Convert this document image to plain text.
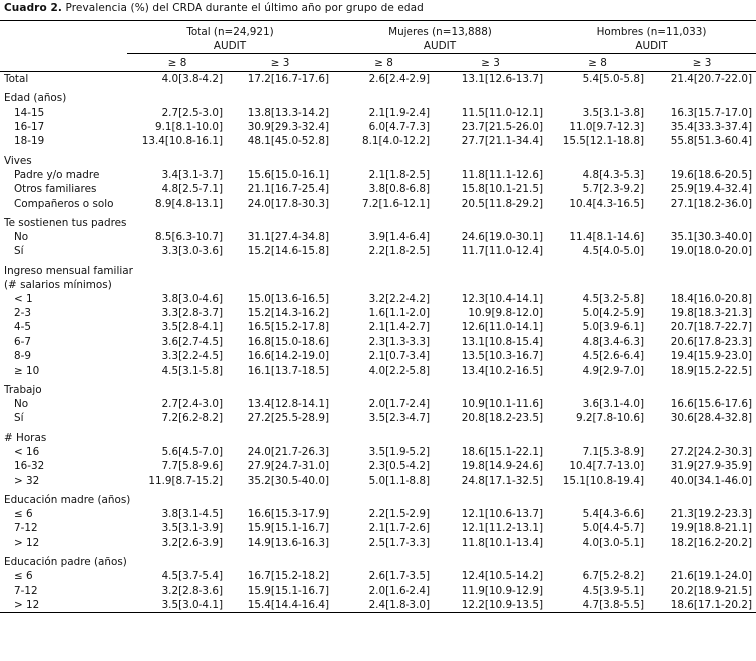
Cuadro 2. Prevalencia (%) del CRDA durante el último año por grupo de edad

	Total (n=24,921)		Mujeres (n=13,888)		Hombres (n=11,033)	
	AUDIT		AUDIT		AUDIT	
	≥ 8	≥ 3	≥ 8	≥ 3	≥ 8	≥ 3
Total	4.0[3.8-4.2]	17.2[16.7-17.6]	2.6[2.4-2.9]	13.1[12.6-13.7]	5.4[5.0-5.8]	21.4[20.7-22.0]

Edad (años)						
14-15	2.7[2.5-3.0]	13.8[13.3-14.2]	2.1[1.9-2.4]	11.5[11.0-12.1]	3.5[3.1-3.8]	16.3[15.7-17.0]
16-17	9.1[8.1-10.0]	30.9[29.3-32.4]	6.0[4.7-7.3]	23.7[21.5-26.0]	11.0[9.7-12.3]	35.4[33.3-37.4]
18-19	13.4[10.8-16.1]	48.1[45.0-52.8]	8.1[4.0-12.2]	27.7[21.1-34.4]	15.5[12.1-18.8]	55.8[51.3-60.4]

Vives						
Padre y/o madre	3.4[3.1-3.7]	15.6[15.0-16.1]	2.1[1.8-2.5]	11.8[11.1-12.6]	4.8[4.3-5.3]	19.6[18.6-20.5]
Otros familiares	4.8[2.5-7.1]	21.1[16.7-25.4]	3.8[0.8-6.8]	15.8[10.1-21.5]	5.7[2.3-9.2]	25.9[19.4-32.4]
Compañeros o solo	8.9[4.8-13.1]	24.0[17.8-30.3]	7.2[1.6-12.1]	20.5[11.8-29.2]	10.4[4.3-16.5]	27.1[18.2-36.0]

Te sostienen tus padres						
No	8.5[6.3-10.7]	31.1[27.4-34.8]	3.9[1.4-6.4]	24.6[19.0-30.1]	11.4[8.1-14.6]	35.1[30.3-40.0]
Sí	3.3[3.0-3.6]	15.2[14.6-15.8]	2.2[1.8-2.5]	11.7[11.0-12.4]	4.5[4.0-5.0]	19.0[18.0-20.0]

Ingreso mensual familiar						
(# salarios mínimos)						
< 1	3.8[3.0-4.6]	15.0[13.6-16.5]	3.2[2.2-4.2]	12.3[10.4-14.1]	4.5[3.2-5.8]	18.4[16.0-20.8]
2-3	3.3[2.8-3.7]	15.2[14.3-16.2]	1.6[1.1-2.0]	10.9[9.8-12.0]	5.0[4.2-5.9]	19.8[18.3-21.3]
4-5	3.5[2.8-4.1]	16.5[15.2-17.8]	2.1[1.4-2.7]	12.6[11.0-14.1]	5.0[3.9-6.1]	20.7[18.7-22.7]
6-7	3.6[2.7-4.5]	16.8[15.0-18.6]	2.3[1.3-3.3]	13.1[10.8-15.4]	4.8[3.4-6.3]	20.6[17.8-23.3]
8-9	3.3[2.2-4.5]	16.6[14.2-19.0]	2.1[0.7-3.4]	13.5[10.3-16.7]	4.5[2.6-6.4]	19.4[15.9-23.0]
≥ 10	4.5[3.1-5.8]	16.1[13.7-18.5]	4.0[2.2-5.8]	13.4[10.2-16.5]	4.9[2.9-7.0]	18.9[15.2-22.5]

Trabajo						
No	2.7[2.4-3.0]	13.4[12.8-14.1]	2.0[1.7-2.4]	10.9[10.1-11.6]	3.6[3.1-4.0]	16.6[15.6-17.6]
Sí	7.2[6.2-8.2]	27.2[25.5-28.9]	3.5[2.3-4.7]	20.8[18.2-23.5]	9.2[7.8-10.6]	30.6[28.4-32.8]

# Horas						
< 16	5.6[4.5-7.0]	24.0[21.7-26.3]	3.5[1.9-5.2]	18.6[15.1-22.1]	7.1[5.3-8.9]	27.2[24.2-30.3]
16-32	7.7[5.8-9.6]	27.9[24.7-31.0]	2.3[0.5-4.2]	19.8[14.9-24.6]	10.4[7.7-13.0]	31.9[27.9-35.9]
> 32	11.9[8.7-15.2]	35.2[30.5-40.0]	5.0[1.1-8.8]	24.8[17.1-32.5]	15.1[10.8-19.4]	40.0[34.1-46.0]

Educación madre (años)						
≤ 6	3.8[3.1-4.5]	16.6[15.3-17.9]	2.2[1.5-2.9]	12.1[10.6-13.7]	5.4[4.3-6.6]	21.3[19.2-23.3]
7-12	3.5[3.1-3.9]	15.9[15.1-16.7]	2.1[1.7-2.6]	12.1[11.2-13.1]	5.0[4.4-5.7]	19.9[18.8-21.1]
> 12	3.2[2.6-3.9]	14.9[13.6-16.3]	2.5[1.7-3.3]	11.8[10.1-13.4]	4.0[3.0-5.1]	18.2[16.2-20.2]

Educación padre (años)						
≤ 6	4.5[3.7-5.4]	16.7[15.2-18.2]	2.6[1.7-3.5]	12.4[10.5-14.2]	6.7[5.2-8.2]	21.6[19.1-24.0]
7-12	3.2[2.8-3.6]	15.9[15.1-16.7]	2.0[1.6-2.4]	11.9[10.9-12.9]	4.5[3.9-5.1]	20.2[18.9-21.5]
> 12	3.5[3.0-4.1]	15.4[14.4-16.4]	2.4[1.8-3.0]	12.2[10.9-13.5]	4.7[3.8-5.5]	18.6[17.1-20.2]
